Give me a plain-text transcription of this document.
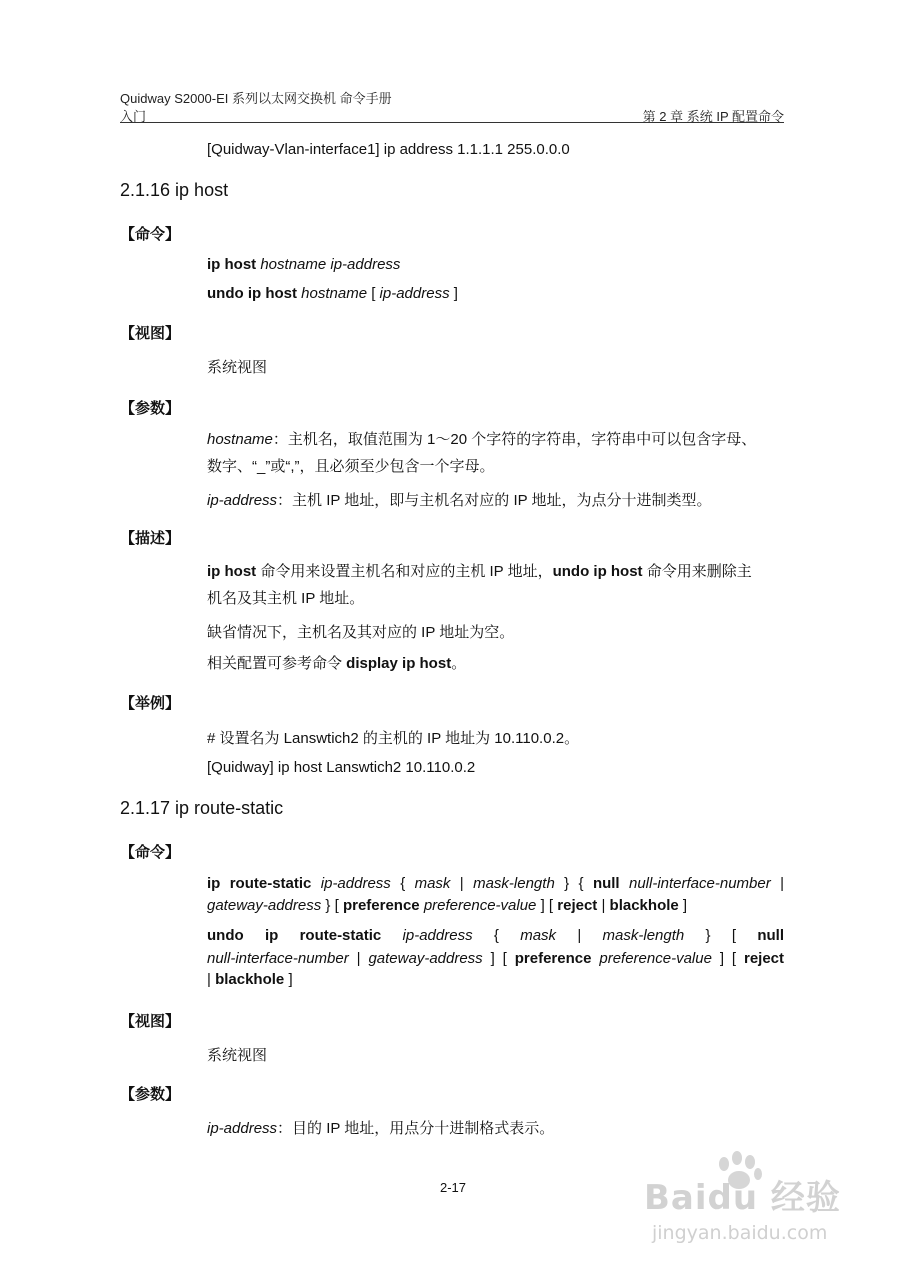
Quidway S2000-EI 系列以太网交换机 命令手册
入门	第 2 章 系统 IP 配置命令
[Quidway-Vlan-interface1] ip address 1.1.1.1 255.0.0.0
2.1.16 ip host
【命令】
ip host hostname ip-address
undo ip host hostname [ ip-address ]
【视图】
系统视图
【参数】
hostname：主机名，取值范围为 1～20 个字符的字符串，字符串中可以包含字母、
数字、“_”或“,”，且必须至少包含一个字母。
ip-address：主机 IP 地址，即与主机名对应的 IP 地址，为点分十进制类型。
【描述】
ip host 命令用来设置主机名和对应的主机 IP 地址，undo ip host 命令用来删除主
机名及其主机 IP 地址。
缺省情况下，主机名及其对应的 IP 地址为空。
相关配置可参考命令 display ip host。
【举例】
# 设置名为 Lanswtich2 的主机的 IP 地址为 10.110.0.2。
[Quidway] ip host Lanswtich2 10.110.0.2
2.1.17 ip route-static
【命令】
ip route-static ip-address { mask | mask-length } { null null-interface-number |
gateway-address } [ preference preference-value ] [ reject | blackhole ]
undo ip route-static ip-address { mask | mask-length } [ null
null-interface-number | gateway-address ] [ preference preference-value ] [ reject
| blackhole ]
【视图】
系统视图
【参数】
ip-address：目的 IP 地址，用点分十进制格式表示。
2-17	Baidu 经验
jingyan.baidu.com
